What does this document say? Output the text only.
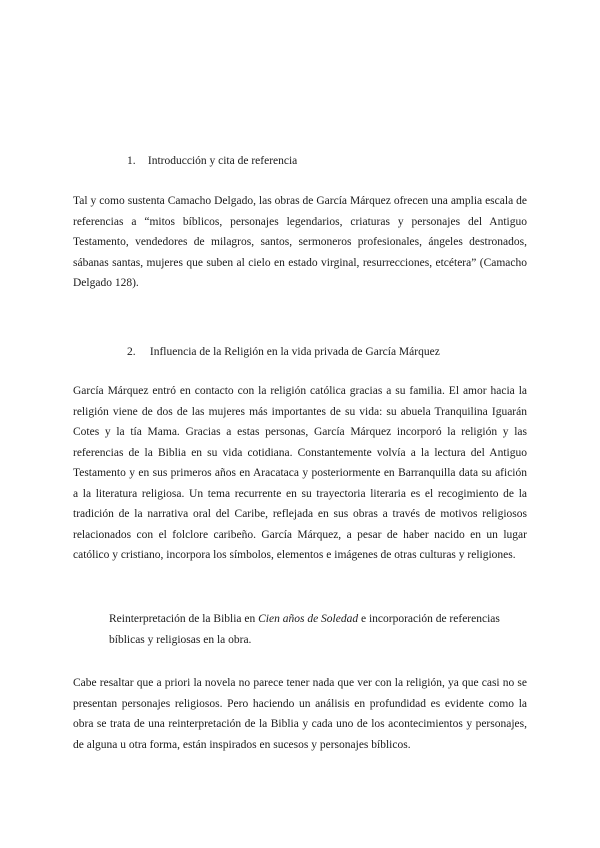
1. Introducción y cita de referencia

Tal y como sustenta Camacho Delgado, las obras de García Márquez ofrecen una amplia escala de referencias a “mitos bíblicos, personajes legendarios, criaturas y personajes del Antiguo Testamento, vendedores de milagros, santos, sermoneros profesionales, ángeles destronados, sábanas santas, mujeres que suben al cielo en estado virginal, resurrecciones, etcétera” (Camacho Delgado 128).

2. Influencia de la Religión en la vida privada de García Márquez

García Márquez entró en contacto con la religión católica gracias a su familia. El amor hacia la religión viene de dos de las mujeres más importantes de su vida: su abuela Tranquilina Iguarán Cotes y la tía Mama. Gracias a estas personas, García Márquez incorporó la religión y las referencias de la Biblia en su vida cotidiana. Constantemente volvía a la lectura del Antiguo Testamento y en sus primeros años en Aracataca y posteriormente en Barranquilla data su afición a la literatura religiosa. Un tema recurrente en su trayectoria literaria es el recogimiento de la tradición de la narrativa oral del Caribe, reflejada en sus obras a través de motivos religiosos relacionados con el folclore caribeño. García Márquez, a pesar de haber nacido en un lugar católico y cristiano, incorpora los símbolos, elementos e imágenes de otras culturas y religiones.

Reinterpretación de la Biblia en Cien años de Soledad e incorporación de referencias bíblicas y religiosas en la obra.

Cabe resaltar que a priori la novela no parece tener nada que ver con la religión, ya que casi no se presentan personajes religiosos. Pero haciendo un análisis en profundidad es evidente como la obra se trata de una reinterpretación de la Biblia y cada uno de los acontecimientos y personajes, de alguna u otra forma, están inspirados en sucesos y personajes bíblicos.
